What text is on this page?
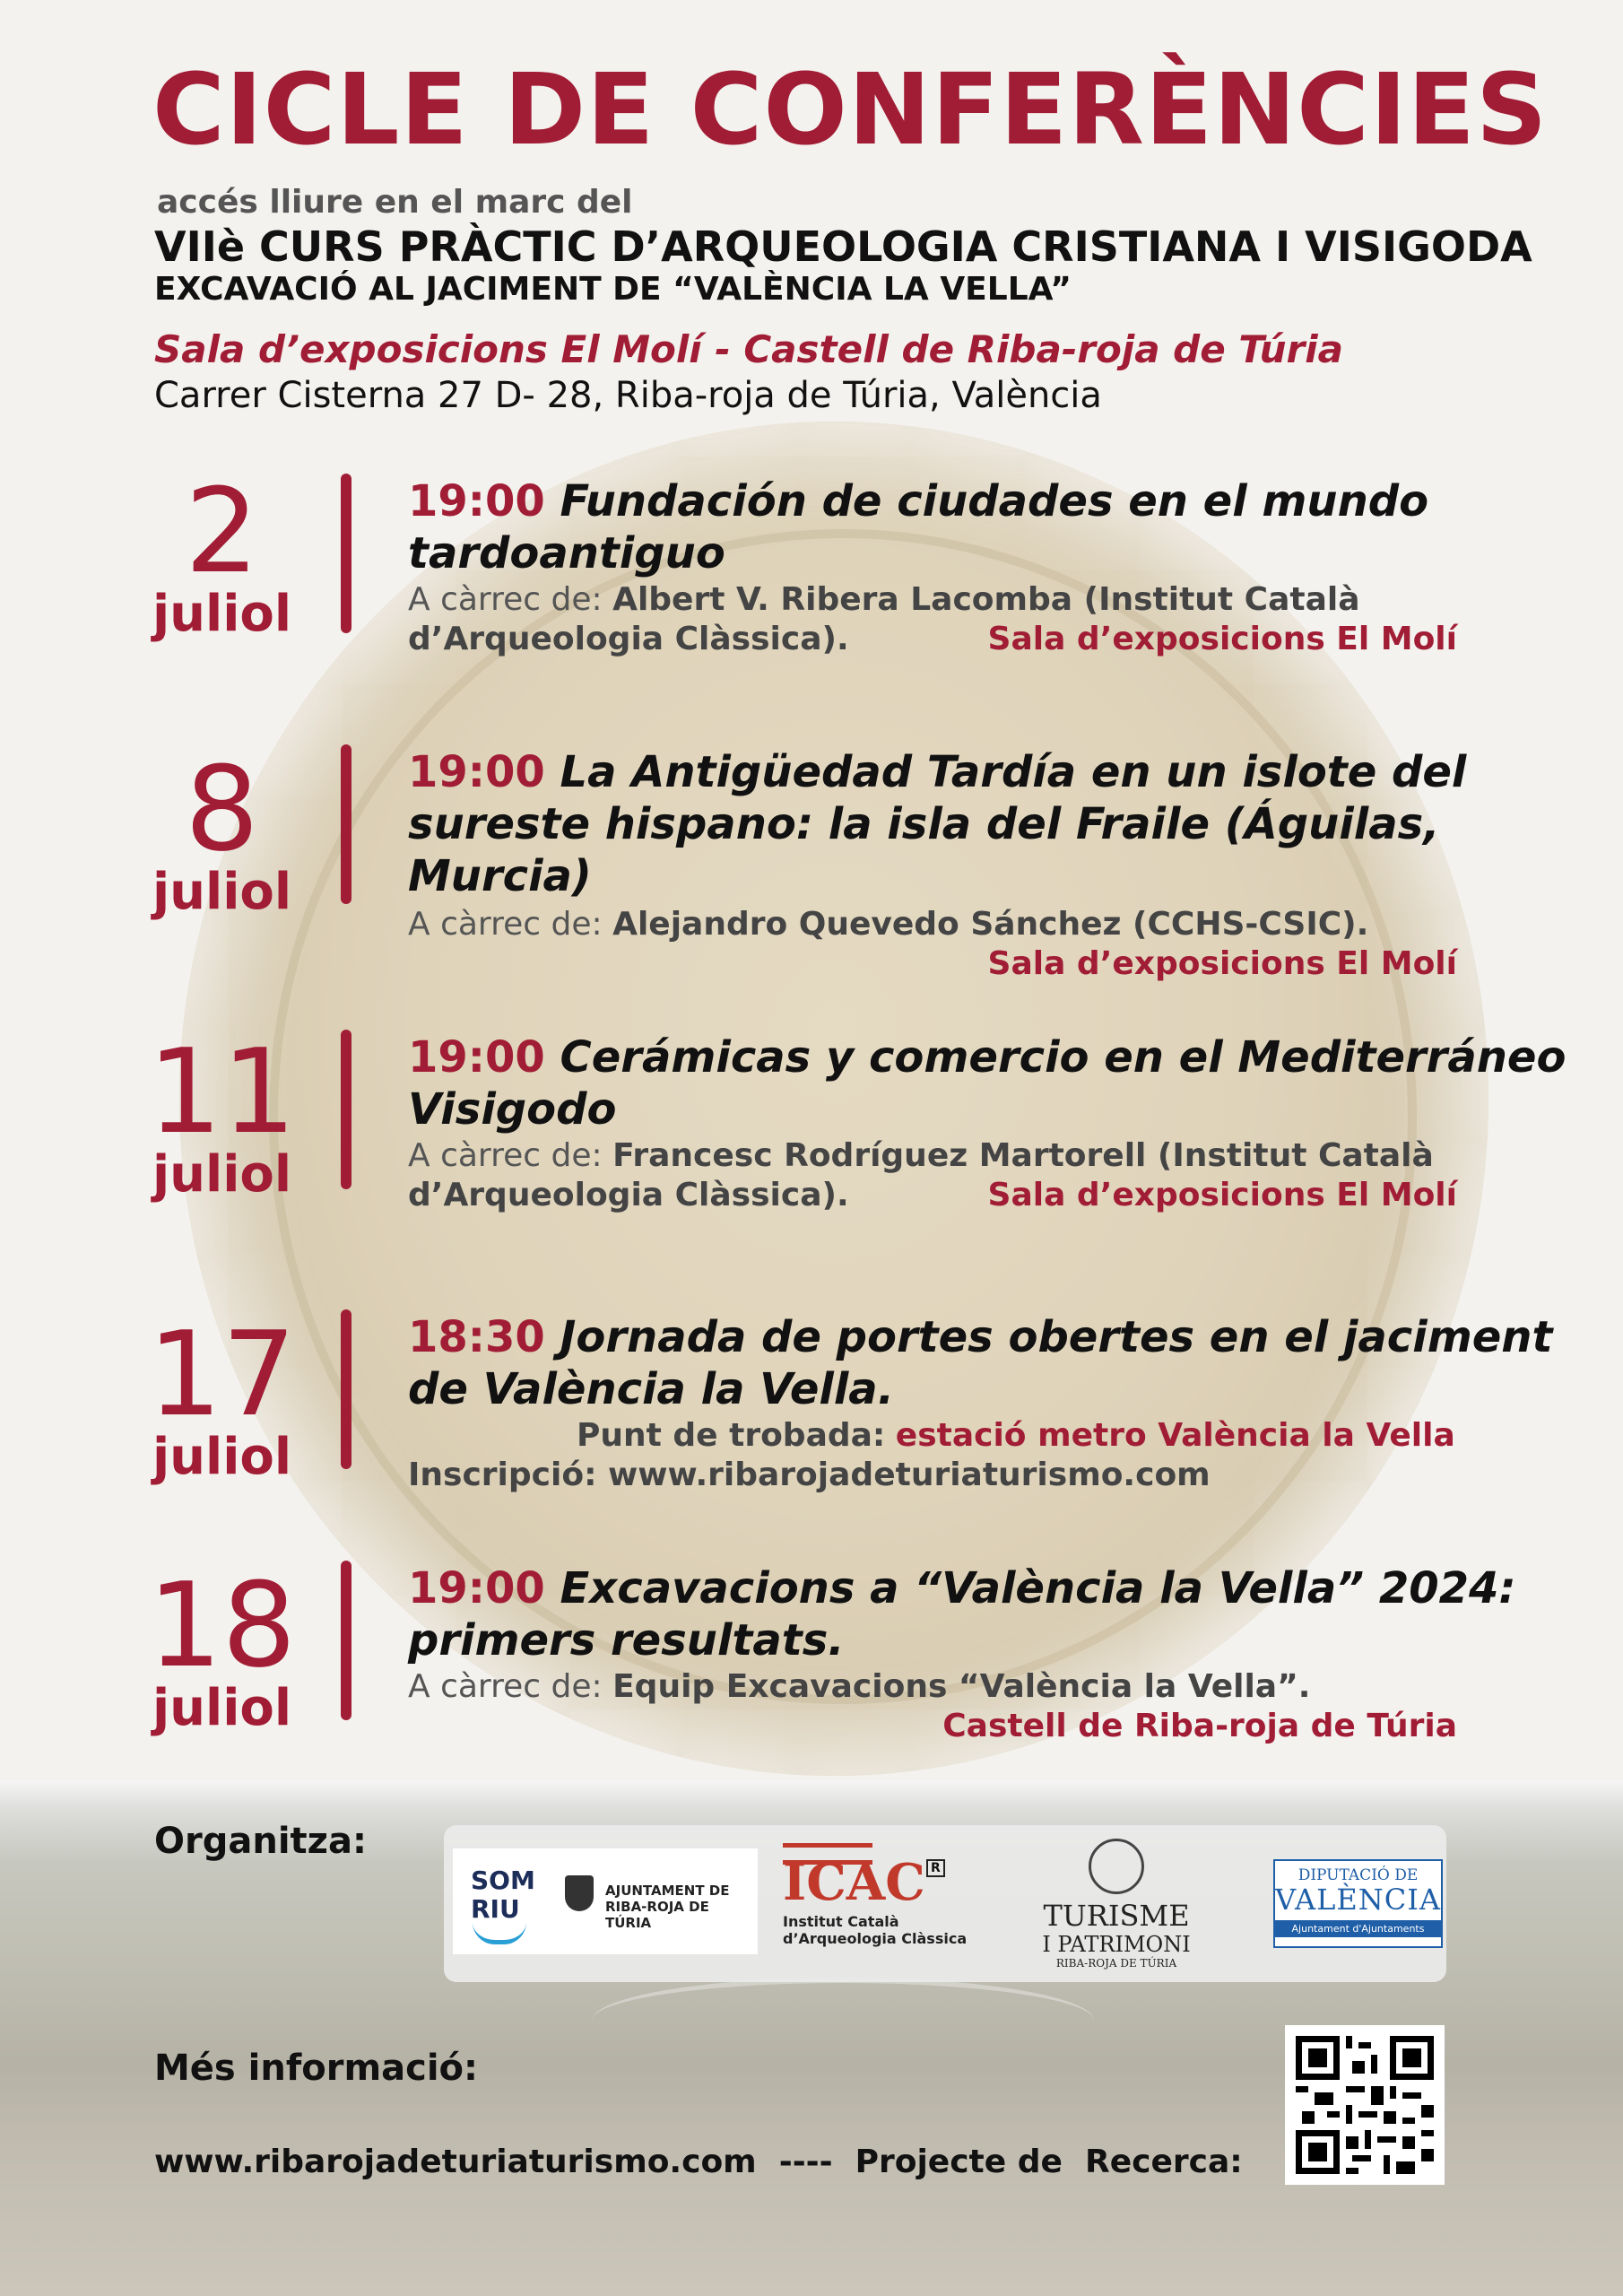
CICLE DE CONFERÈNCIES
accés lliure en el marc del
VIIè CURS PRÀCTIC D’ARQUEOLOGIA CRISTIANA I VISIGODA
EXCAVACIÓ AL JACIMENT DE “VALÈNCIA LA VELLA”
Sala d’exposicions El Molí - Castell de Riba-roja de Túria
Carrer Cisterna 27 D- 28, Riba-roja de Túria, València
2
juliol
19:00 Fundación de ciudades en el mundo tardoantiguo
A càrrec de: Albert V. Ribera Lacomba (Institut Català
d’Arqueologia Clàssica).	Sala d’exposicions El Molí
8
juliol
19:00 La Antigüedad Tardía en un islote del sureste hispano: la isla del Fraile (Águilas, Murcia)
A càrrec de: Alejandro Quevedo Sánchez (CCHS-CSIC).
Sala d’exposicions El Molí
11
juliol
19:00 Cerámicas y comercio en el Mediterráneo Visigodo
A càrrec de: Francesc Rodríguez Martorell (Institut Català
d’Arqueologia Clàssica).	Sala d’exposicions El Molí
17
juliol
18:30 Jornada de portes obertes en el jaciment de València la Vella.
Punt de trobada: estació metro València la Vella
Inscripció: www.ribarojadeturiaturismo.com
18
juliol
19:00 Excavacions a “València la Vella” 2024: primers resultats.
A càrrec de: Equip Excavacions “València la Vella”.
Castell de Riba-roja de Túria
Organitza:
SOM RIU
AJUNTAMENT DE RIBA-ROJA DE TÚRIA
ICAC R
Institut Català d’Arqueologia Clàssica
TURISME
I PATRIMONI
RIBA-ROJA DE TÚRIA
DIPUTACIÓ DE
VALÈNCIA
Ajuntament d'Ajuntaments
Més informació:
www.ribarojadeturiaturismo.com  ----  Projecte de  Recerca:
